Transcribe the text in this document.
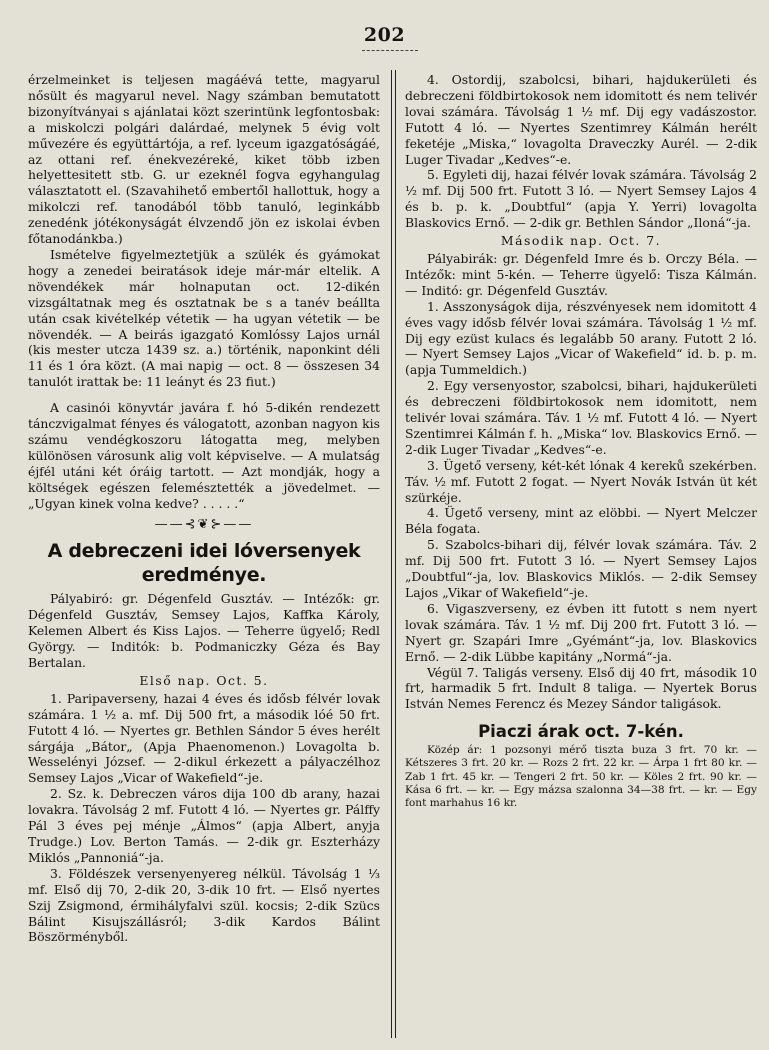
202

érzelmeinket is teljesen magáévá tette, magyarul nősült és magyarul nevel. Nagy számban bemutatott bizonyítványai s ajánlatai közt szerintünk legfontosbak: a miskolczi polgári dalárdaé, melynek 5 évig volt művezére és együttártója, a ref. lyceum igazgatóságáé, az ottani ref. énekvezéreké, kiket több izben helyettesitett stb. G. ur ezeknél fogva egyhangulag választatott el. (Szavahihető embertől hallottuk, hogy a mikolczi ref. tanodából több tanuló, leginkább zenedénk jótékonyságát élvzendő jön ez iskolai évben főtanodánkba.)

Ismételve figyelmeztetjük a szülék és gyámokat hogy a zenedei beiratások ideje már-már eltelik. A növendékek már holnaputan oct. 12-dikén vizsgáltatnak meg és osztatnak be s a tanév beállta után csak kivételkép vétetik — ha ugyan vétetik — be növendék. — A beirás igazgató Komlóssy Lajos urnál (kis mester utcza 1439 sz. a.) történik, naponkint déli 11 és 1 óra közt. (A mai napig — oct. 8 — összesen 34 tanulót irattak be: 11 leányt és 23 fiut.)

A casinói könyvtár javára f. hó 5-dikén rendezett tánczvigalmat fényes és válogatott, azonban nagyon kis számu vendégkoszoru látogatta meg, melyben különösen városunk alig volt képviselve. — A mulatság éjfél utáni két óráig tartott. — Azt mondják, hogy a költségek egészen felemésztették a jövedelmet. — „Ugyan kinek volna kedve? . . . . .“

——⊰❦⊱——
A debreczeni idei lóversenyek eredménye.

Pályabiró: gr. Dégenfeld Gusztáv. — Intézők: gr. Dégenfeld Gusztáv, Semsey Lajos, Kaffka Károly, Kelemen Albert és Kiss Lajos. — Teherre ügyelő; Redl György. — Inditók: b. Podmaniczky Géza és Bay Bertalan.

Első nap. Oct. 5.

1. Paripaverseny, hazai 4 éves és idősb félvér lovak számára. 1 ½ a. mf. Dij 500 frt, a második lóé 50 frt. Futott 4 ló. — Nyertes gr. Bethlen Sándor 5 éves herélt sárgája „Bátor„ (Apja Phaenomenon.) Lovagolta b. Wesselényi József. — 2-dikul érkezett a pályaczélhoz Semsey Lajos „Vicar of Wakefield“-je.

2. Sz. k. Debreczen város dija 100 db arany, hazai lovakra. Távolság 2 mf. Futott 4 ló. — Nyertes gr. Pálffy Pál 3 éves pej ménje „Álmos“ (apja Albert, anyja Trudge.) Lov. Berton Tamás. — 2-dik gr. Eszterházy Miklós „Pannoniá“-ja.

3. Földészek versenyenyereg nélkül. Távolság 1 ⅓ mf. Első dij 70, 2-dik 20, 3-dik 10 frt. — Első nyertes Szij Zsigmond, érmihályfalvi szül. kocsis; 2-dik Szücs Bálint Kisujszállásról; 3-dik Kardos Bálint Böszörményből.

4. Ostordij, szabolcsi, bihari, hajdukerületi és debreczeni földbirtokosok nem idomitott és nem telivér lovai számára. Távolság 1 ½ mf. Dij egy vadászostor. Futott 4 ló. — Nyertes Szentimrey Kálmán herélt feketéje „Miska,“ lovagolta Draveczky Aurél. — 2-dik Luger Tivadar „Kedves“-e.

5. Egyleti dij, hazai félvér lovak számára. Távolság 2 ½ mf. Dij 500 frt. Futott 3 ló. — Nyert Semsey Lajos 4 és b. p. k. „Doubtful“ (apja Y. Yerri) lovagolta Blaskovics Ernő. — 2-dik gr. Bethlen Sándor „Iloná“-ja.

Második nap. Oct. 7.

Pályabirák: gr. Dégenfeld Imre és b. Orczy Béla. — Intézők: mint 5-kén. — Teherre ügyelő: Tisza Kálmán. — Inditó: gr. Dégenfeld Gusztáv.

1. Asszonyságok dija, részvényesek nem idomitott 4 éves vagy idősb félvér lovai számára. Távolság 1 ½ mf. Dij egy ezüst kulacs és legalább 50 arany. Futott 2 ló. — Nyert Semsey Lajos „Vicar of Wakefield“ id. b. p. m. (apja Tummeldich.)

2. Egy versenyostor, szabolcsi, bihari, hajdukerületi és debreczeni földbirtokosok nem idomitott, nem telivér lovai számára. Táv. 1 ½ mf. Futott 4 ló. — Nyert Szentimrei Kálmán f. h. „Miska“ lov. Blaskovics Ernő. — 2-dik Luger Tivadar „Kedves“-e.

3. Ügető verseny, két-két lónak 4 kereků szekérben. Táv. ½ mf. Futott 2 fogat. — Nyert Novák István üt két szürkéje.

4. Ügető verseny, mint az elöbbi. — Nyert Melczer Béla fogata.

5. Szabolcs-bihari dij, félvér lovak számára. Táv. 2 mf. Dij 500 frt. Futott 3 ló. — Nyert Semsey Lajos „Doubtful“-ja, lov. Blaskovics Miklós. — 2-dik Semsey Lajos „Vikar of Wakefield“-je.

6. Vigaszverseny, ez évben itt futott s nem nyert lovak számára. Táv. 1 ½ mf. Dij 200 frt. Futott 3 ló. — Nyert gr. Szapári Imre „Gyémánt“-ja, lov. Blaskovics Ernő. — 2-dik Lübbe kapitány „Normá“-ja.

Végül 7. Taligás verseny. Első dij 40 frt, második 10 frt, harmadik 5 frt. Indult 8 taliga. — Nyertek Borus István Nemes Ferencz és Mezey Sándor taligások.

Piaczi árak oct. 7-kén.

Közép ár: 1 pozsonyi mérő tiszta buza 3 frt. 70 kr. — Kétszeres 3 frt. 20 kr. — Rozs 2 frt. 22 kr. — Árpa 1 frt 80 kr. — Zab 1 frt. 45 kr. — Tengeri 2 frt. 50 kr. — Köles 2 frt. 90 kr. — Kása 6 frt. — kr. — Egy mázsa szalonna 34—38 frt. — kr. — Egy font marhahus 16 kr.
